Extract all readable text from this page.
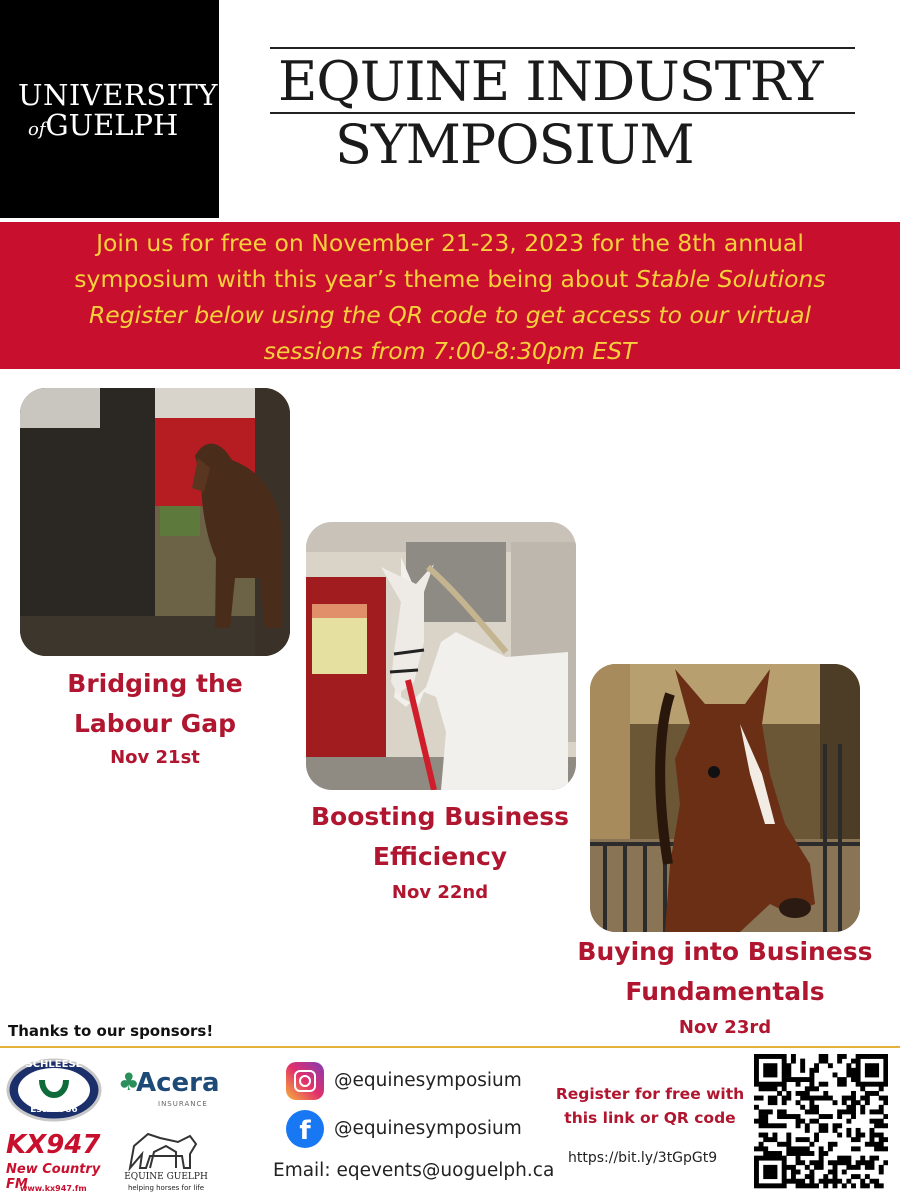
UNIVERSITY
ofGUELPH
EQUINE INDUSTRY
SYMPOSIUM
Join us for free on November 21-23, 2023 for the 8th annual
symposium with this year’s theme being about Stable Solutions
Register below using the QR code to get access to our virtual
sessions from 7:00-8:30pm EST
Bridging the
Labour Gap
Nov 21st
Boosting Business
Efficiency
Nov 22nd
Buying into Business
Fundamentals
Nov 23rd
Thanks to our sponsors!
SCHLEESE
Est. 1986
♣
Acera
INSURANCE
KX947
New Country FM
www.kx947.fm
EQUINE GUELPH
helping horses for life
@equinesymposium
f	@equinesymposium
Email: eqevents@uoguelph.ca
Register for free with
this link or QR code
https://bit.ly/3tGpGt9
